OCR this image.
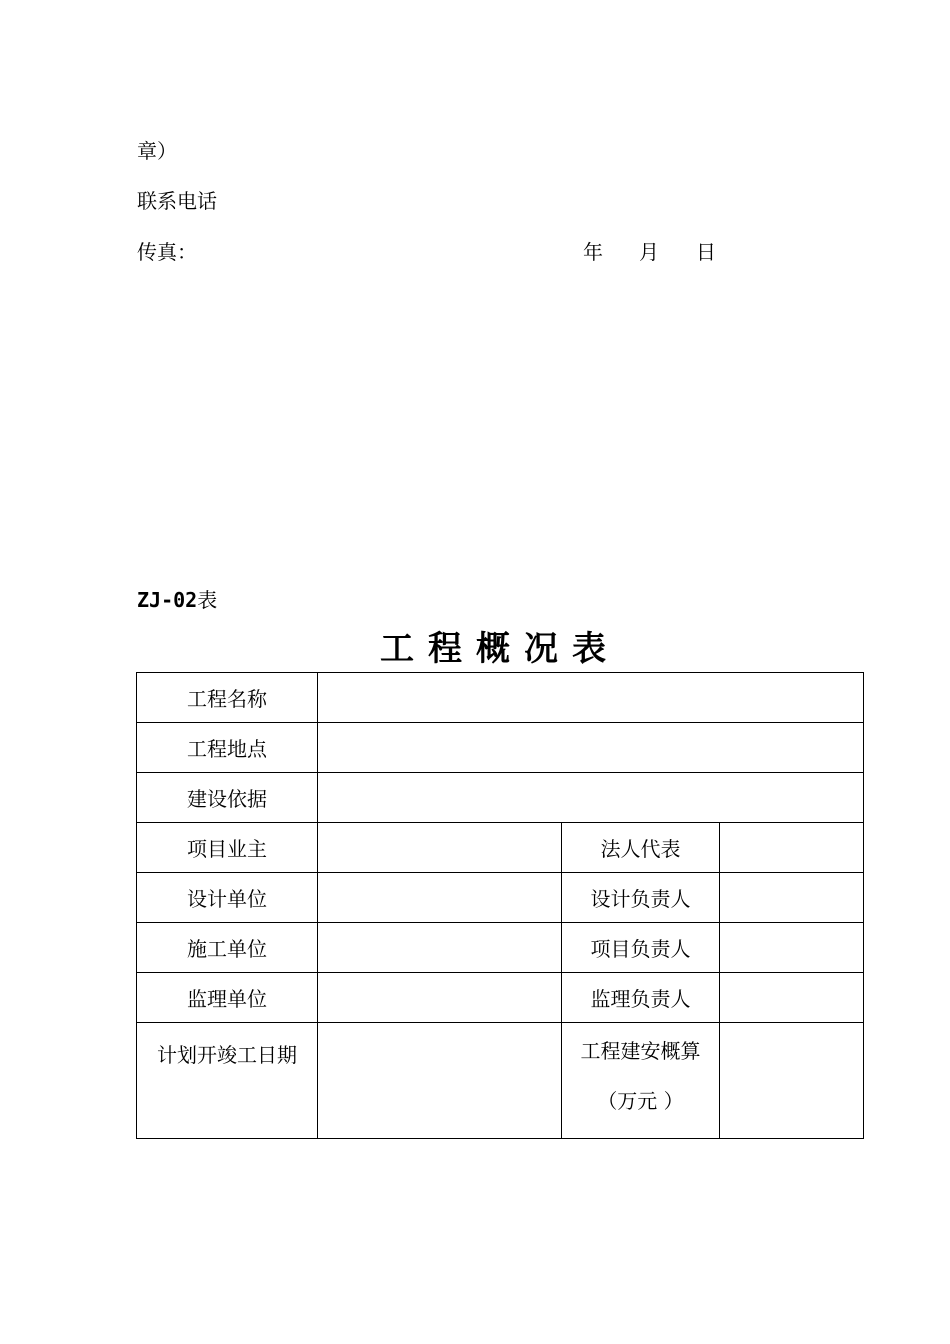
章）
联系电话
传真：	年 月 日
ZJ-02表
工程概况表
工程名称			
工程地点			
建设依据			
项目业主		法人代表	
设计单位		设计负责人	
施工单位		项目负责人	
监理单位		监理负责人	
计划开竣工日期		工程建安概算
（万元 ）	
